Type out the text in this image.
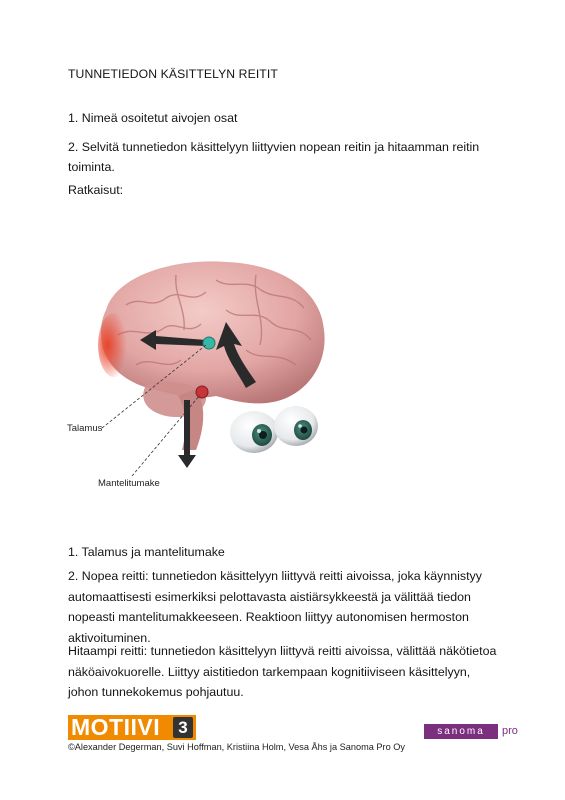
TUNNETIEDON KÄSITTELYN REITIT
1. Nimeä osoitetut aivojen osat
2. Selvitä tunnetiedon käsittelyyn liittyvien nopean reitin ja hitaamman reitin toiminta.
Ratkaisut:
Talamus
Mantelitumake
1. Talamus ja mantelitumake
2. Nopea reitti: tunnetiedon käsittelyyn liittyvä reitti aivoissa, joka käynnistyy automaattisesti esimerkiksi pelottavasta aistiärsykkeestä ja välittää tiedon nopeasti mantelitumakkeeseen. Reaktioon liittyy autonomisen hermoston aktivoituminen.
Hitaampi reitti: tunnetiedon käsittelyyn liittyvä reitti aivoissa, välittää näkötietoa näköaivokuorelle. Liittyy aistitiedon tarkempaan kognitiiviseen käsittelyyn, johon tunnekokemus pohjautuu.
MOTIIVI	3	sanoma	pro
©Alexander Degerman, Suvi Hoffman, Kristiina Holm, Vesa Åhs ja Sanoma Pro Oy
